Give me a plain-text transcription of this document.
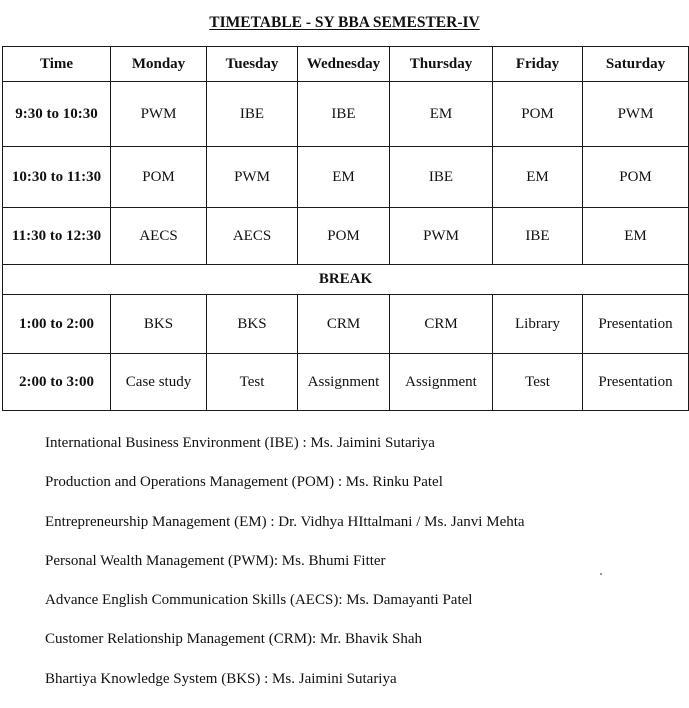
TIMETABLE - SY BBA SEMESTER-IV
Time	Monday	Tuesday	Wednesday	Thursday	Friday	Saturday
9:30 to 10:30	PWM	IBE	IBE	EM	POM	PWM
10:30 to 11:30	POM	PWM	EM	IBE	EM	POM
11:30 to 12:30	AECS	AECS	POM	PWM	IBE	EM
BREAK						
1:00 to 2:00	BKS	BKS	CRM	CRM	Library	Presentation
2:00 to 3:00	Case study	Test	Assignment	Assignment	Test	Presentation
International Business Environment (IBE) : Ms. Jaimini Sutariya
Production and Operations Management (POM) : Ms. Rinku Patel
Entrepreneurship Management (EM) : Dr. Vidhya HIttalmani / Ms. Janvi Mehta
Personal Wealth Management (PWM): Ms. Bhumi Fitter
Advance English Communication Skills (AECS): Ms. Damayanti Patel
Customer Relationship Management (CRM): Mr. Bhavik Shah
Bhartiya Knowledge System (BKS) : Ms. Jaimini Sutariya
